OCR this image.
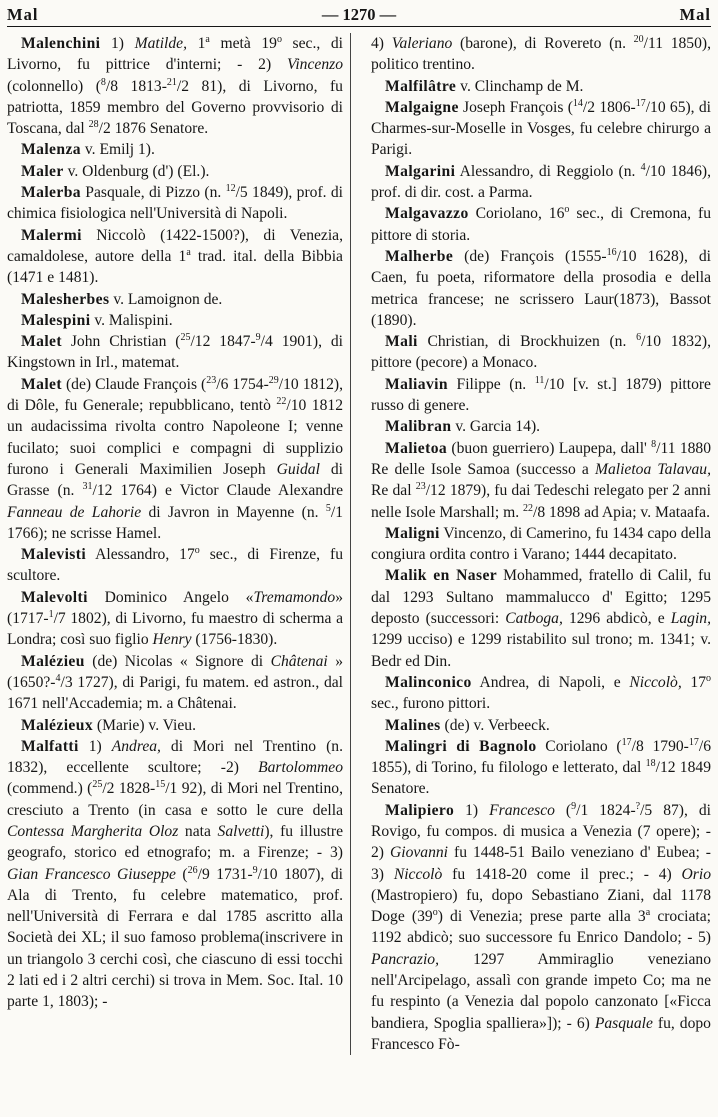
Mal	— 1270 —	Mal

Malenchini 1) Matilde, 1$^a$ metà 19$^o$ sec., di Livorno, fu pittrice d'interni; - 2) Vincenzo (colonnello) ($^8$/8 1813-$^{21}$/2 81), di Livorno, fu patriotta, 1859 membro del Governo provvisorio di Toscana, dal $^{28}$/2 1876 Senatore.

Malenza v. Emilj 1).

Maler v. Oldenburg (d') (El.).

Malerba Pasquale, di Pizzo (n. $^{12}$/5 1849), prof. di chimica fisiologica nell'Università di Napoli.

Malermi Niccolò (1422-1500?), di Venezia, camaldolese, autore della 1$^a$ trad. ital. della Bibbia (1471 e 1481).

Malesherbes v. Lamoignon de.

Malespini v. Malispini.

Malet John Christian ($^{25}$/12 1847-$^9$/4 1901), di Kingstown in Irl., matemat.

Malet (de) Claude François ($^{23}$/6 1754-$^{29}$/10 1812), di Dôle, fu Generale; repubblicano, tentò $^{22}$/10 1812 un audacissima rivolta contro Napoleone I; venne fucilato; suoi complici e compagni di supplizio furono i Generali Maximilien Joseph Guidal di Grasse (n. $^{31}$/12 1764) e Victor Claude Alexandre Fanneau de Lahorie di Javron in Mayenne (n. $^5$/1 1766); ne scrisse Hamel.

Malevisti Alessandro, 17$^o$ sec., di Firenze, fu scultore.

Malevolti Dominico Angelo «Tremamondo» (1717-$^1$/7 1802), di Livorno, fu maestro di scherma a Londra; così suo figlio Henry (1756-1830).

Malézieu (de) Nicolas « Signore di Châtenai » (1650?-$^4$/3 1727), di Parigi, fu matem. ed astron., dal 1671 nell'Accademia; m. a Châtenai.

Malézieux (Marie) v. Vieu.

Malfatti 1) Andrea, di Mori nel Trentino (n. 1832), eccellente scultore; -2) Bartolommeo (commend.) ($^{25}$/2 1828-$^{15}$/1 92), di Mori nel Trentino, cresciuto a Trento (in casa e sotto le cure della Contessa Margherita Oloz nata Salvetti), fu illustre geografo, storico ed etnografo; m. a Firenze; - 3) Gian Francesco Giuseppe ($^{26}$/9 1731-$^9$/10 1807), di Ala di Trento, fu celebre matematico, prof. nell'Università di Ferrara e dal 1785 ascritto alla Società dei XL; il suo famoso problema(inscrivere in un triangolo 3 cerchi così, che ciascuno di essi tocchi 2 lati ed i 2 altri cerchi) si trova in Mem. Soc. Ital. 10 parte 1, 1803); -

4) Valeriano (barone), di Rovereto (n. $^{20}$/11 1850), politico trentino.

Malfilâtre v. Clinchamp de M.

Malgaigne Joseph François ($^{14}$/2 1806-$^{17}$/10 65), di Charmes-sur-Moselle in Vosges, fu celebre chirurgo a Parigi.

Malgarini Alessandro, di Reggiolo (n. $^4$/10 1846), prof. di dir. cost. a Parma.

Malgavazzo Coriolano, 16$^o$ sec., di Cremona, fu pittore di storia.

Malherbe (de) François (1555-$^{16}$/10 1628), di Caen, fu poeta, riformatore della prosodia e della metrica francese; ne scrissero Laur(1873), Bassot (1890).

Mali Christian, di Brockhuizen (n. $^6$/10 1832), pittore (pecore) a Monaco.

Maliavin Filippe (n. $^{11}$/10 [v. st.] 1879) pittore russo di genere.

Malibran v. Garcia 14).

Malietoa (buon guerriero) Laupepa, dall' $^8$/11 1880 Re delle Isole Samoa (successo a Malietoa Talavau, Re dal $^{23}$/12 1879), fu dai Tedeschi relegato per 2 anni nelle Isole Marshall; m. $^{22}$/8 1898 ad Apia; v. Mataafa.

Maligni Vincenzo, di Camerino, fu 1434 capo della congiura ordita contro i Varano; 1444 decapitato.

Malik en Naser Mohammed, fratello di Calil, fu dal 1293 Sultano mammalucco d' Egitto; 1295 deposto (successori: Catboga, 1296 abdicò, e Lagin, 1299 ucciso) e 1299 ristabilito sul trono; m. 1341; v. Bedr ed Din.

Malinconico Andrea, di Napoli, e Niccolò, 17$^o$ sec., furono pittori.

Malines (de) v. Verbeeck.

Malingri di Bagnolo Coriolano ($^{17}$/8 1790-$^{17}$/6 1855), di Torino, fu filologo e letterato, dal $^{18}$/12 1849 Senatore.

Malipiero 1) Francesco ($^9$/1 1824-?/5 87), di Rovigo, fu compos. di musica a Venezia (7 opere); - 2) Giovanni fu 1448-51 Bailo veneziano d' Eubea; - 3) Niccolò fu 1418-20 come il prec.; - 4) Orio (Mastropiero) fu, dopo Sebastiano Ziani, dal 1178 Doge (39$^o$) di Venezia; prese parte alla 3$^a$ crociata; 1192 abdicò; suo successore fu Enrico Dandolo; - 5) Pancrazio, 1297 Ammiraglio veneziano nell'Arcipelago, assalì con grande impeto Co; ma ne fu respinto (a Venezia dal popolo canzonato [«Ficca bandiera, Spoglia spalliera»]); - 6) Pasquale fu, dopo Francesco Fò-
